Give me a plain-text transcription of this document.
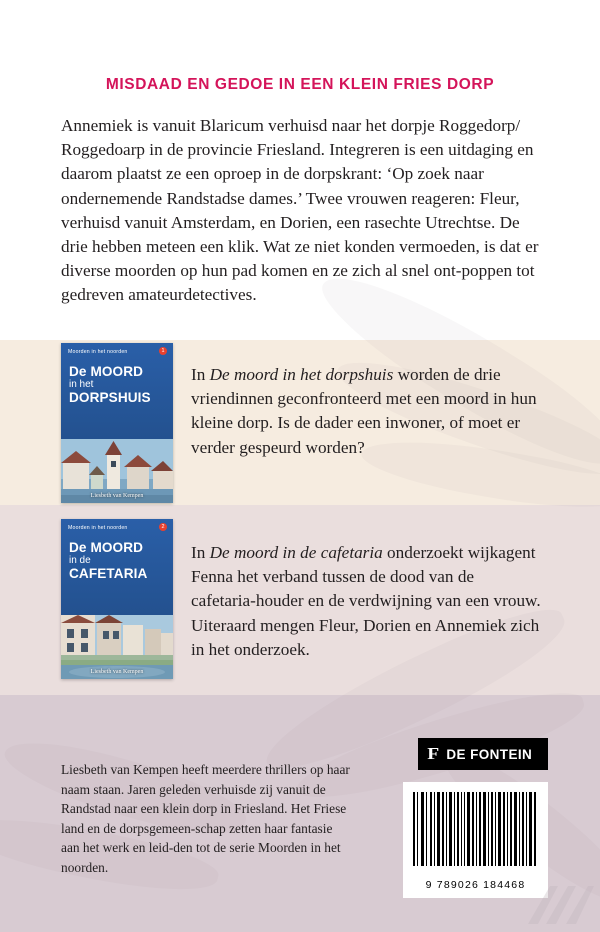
MISDAAD EN GEDOE IN EEN KLEIN FRIES DORP
Annemiek is vanuit Blaricum verhuisd naar het dorpje Roggedorp/ Roggedoarp in de provincie Friesland. Integreren is een uitdaging en daarom plaatst ze een oproep in de dorpskrant: ‘Op zoek naar ondernemende Randstadse dames.’ Twee vrouwen reageren: Fleur, verhuisd vanuit Amsterdam, en Dorien, een rasechte Utrechtse. De drie hebben meteen een klik. Wat ze niet konden vermoeden, is dat er diverse moorden op hun pad komen en ze zich al snel ont-poppen tot gedreven amateurdetectives.
Moorden in het noorden	1
De MOORD
in het
DORPSHUIS
Liesbeth van Kempen
In De moord in het dorpshuis worden de drie vriendinnen geconfronteerd met een moord in hun kleine dorp. Is de dader een inwoner, of moet er verder gespeurd worden?
Moorden in het noorden	2
De MOORD
in de
CAFETARIA
Liesbeth van Kempen
In De moord in de cafetaria onderzoekt wijkagent Fenna het verband tussen de dood van de cafetaria-houder en de verdwijning van een vrouw. Uiteraard mengen Fleur, Dorien en Annemiek zich in het onderzoek.
Liesbeth van Kempen heeft meerdere thrillers op haar naam staan. Jaren geleden verhuisde zij vanuit de Randstad naar een klein dorp in Friesland. Het Friese land en de dorpsgemeen-schap zetten haar fantasie aan het werk en leid-den tot de serie Moorden in het noorden.
F DE FONTEIN
9 789026 184468
